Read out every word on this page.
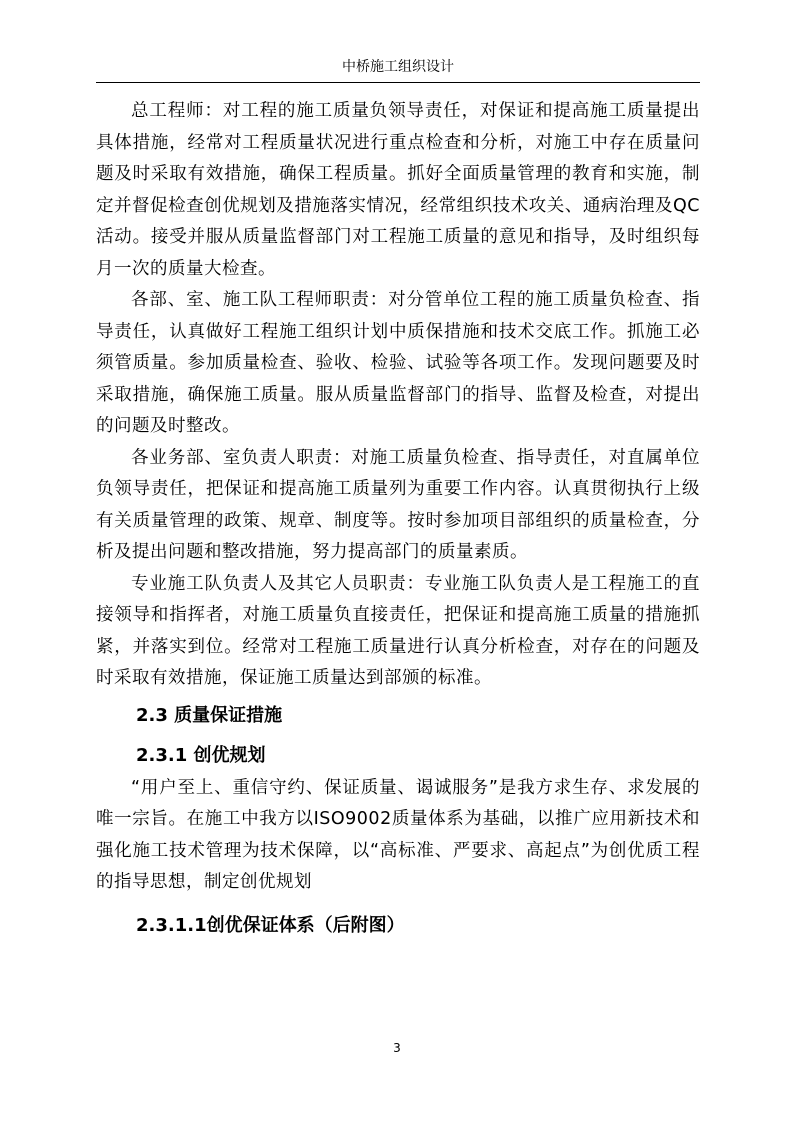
中桥施工组织设计

总工程师：对工程的施工质量负领导责任，对保证和提高施工质量提出具体措施，经常对工程质量状况进行重点检查和分析，对施工中存在质量问题及时采取有效措施，确保工程质量。抓好全面质量管理的教育和实施，制定并督促检查创优规划及措施落实情况，经常组织技术攻关、通病治理及QC活动。接受并服从质量监督部门对工程施工质量的意见和指导，及时组织每月一次的质量大检查。

各部、室、施工队工程师职责：对分管单位工程的施工质量负检查、指导责任，认真做好工程施工组织计划中质保措施和技术交底工作。抓施工必须管质量。参加质量检查、验收、检验、试验等各项工作。发现问题要及时采取措施，确保施工质量。服从质量监督部门的指导、监督及检查，对提出的问题及时整改。

各业务部、室负责人职责：对施工质量负检查、指导责任，对直属单位负领导责任，把保证和提高施工质量列为重要工作内容。认真贯彻执行上级有关质量管理的政策、规章、制度等。按时参加项目部组织的质量检查，分析及提出问题和整改措施，努力提高部门的质量素质。

专业施工队负责人及其它人员职责：专业施工队负责人是工程施工的直接领导和指挥者，对施工质量负直接责任，把保证和提高施工质量的措施抓紧，并落实到位。经常对工程施工质量进行认真分析检查，对存在的问题及时采取有效措施，保证施工质量达到部颁的标准。

2.3 质量保证措施

2.3.1 创优规划

“用户至上、重信守约、保证质量、谒诚服务”是我方求生存、求发展的唯一宗旨。在施工中我方以ISO9002质量体系为基础，以推广应用新技术和强化施工技术管理为技术保障，以“高标准、严要求、高起点”为创优质工程的指导思想，制定创优规划

2.3.1.1创优保证体系（后附图）

3
